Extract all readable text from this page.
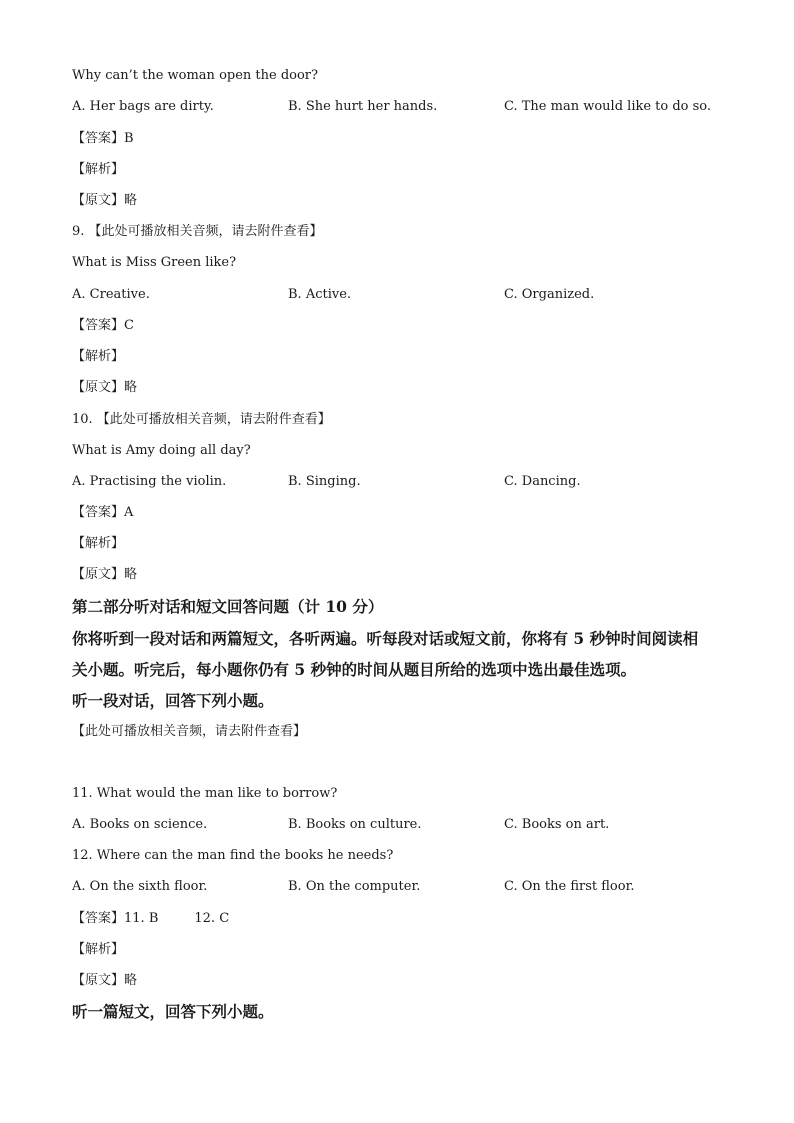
Why can’t the woman open the door?
A. Her bags are dirty.	B. She hurt her hands.	C. The man would like to do so.
【答案】B
【解析】
【原文】略
9. 【此处可播放相关音频，请去附件查看】
What is Miss Green like?
A. Creative.	B. Active.	C. Organized.
【答案】C
【解析】
【原文】略
10. 【此处可播放相关音频，请去附件查看】
What is Amy doing all day?
A. Practising the violin.	B. Singing.	C. Dancing.
【答案】A
【解析】
【原文】略
第二部分听对话和短文回答问题（计 10 分）
你将听到一段对话和两篇短文，各听两遍。听每段对话或短文前，你将有 5 秒钟时间阅读相
关小题。听完后，每小题你仍有 5 秒钟的时间从题目所给的选项中选出最佳选项。
听一段对话，回答下列小题。
【此处可播放相关音频，请去附件查看】
11. What would the man like to borrow?
A. Books on science.	B. Books on culture.	C. Books on art.
12. Where can the man find the books he needs?
A. On the sixth floor.	B. On the computer.	C. On the first floor.
【答案】11. B	12. C
【解析】
【原文】略
听一篇短文，回答下列小题。
